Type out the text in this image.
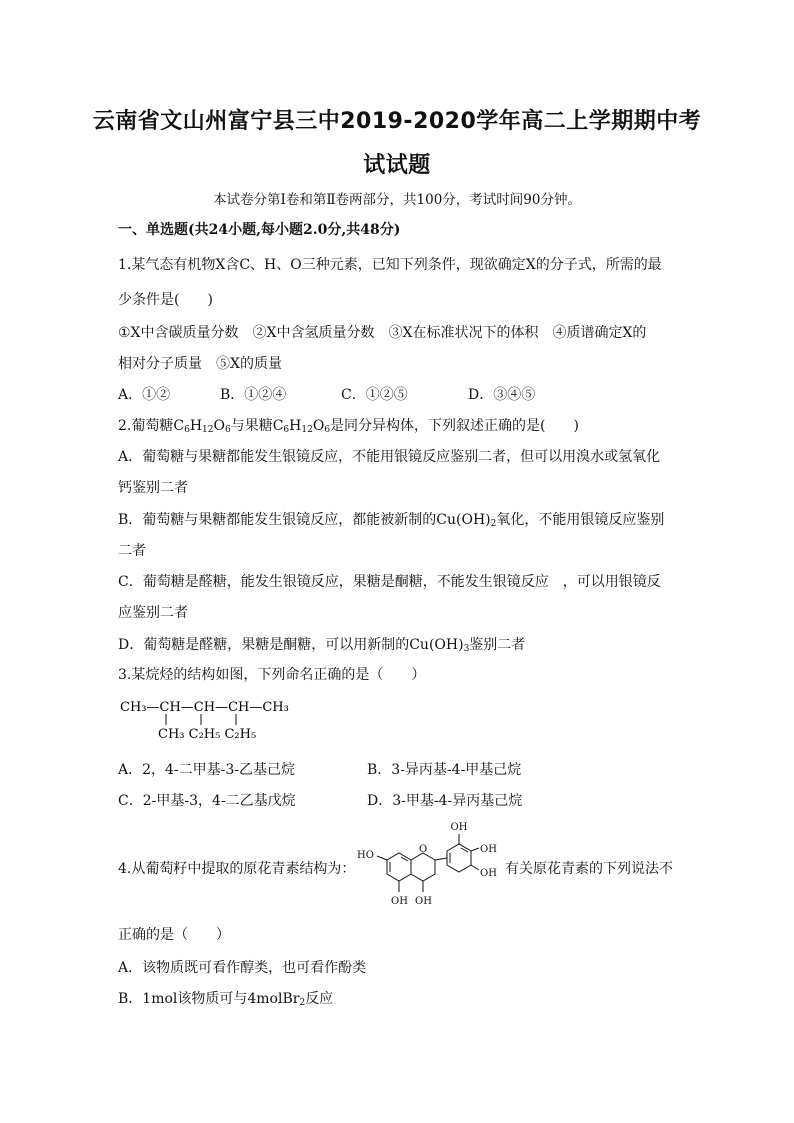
云南省文山州富宁县三中2019-2020学年高二上学期期中考
试试题
本试卷分第Ⅰ卷和第Ⅱ卷两部分，共100分，考试时间90分钟。
一、单选题(共24小题,每小题2.0分,共48分)
1.某气态有机物X含C、H、O三种元素，已知下列条件，现欲确定X的分子式，所需的最
少条件是(　　)
①X中含碳质量分数　②X中含氢质量分数　③X在标准状况下的体积　④质谱确定X的
相对分子质量　⑤X的质量
A．①②	B．①②④	C．①②⑤	D．③④⑤
2.葡萄糖$C_6H_{12}O_6$与果糖$C_6H_{12}O_6$是同分异构体，下列叙述正确的是(　　)
A．葡萄糖与果糖都能发生银镜反应，不能用银镜反应鉴别二者，但可以用溴水或氢氧化
钙鉴别二者
B．葡萄糖与果糖都能发生银镜反应，都能被新制的$Cu(OH)_2$氧化，不能用银镜反应鉴别
二者
C．葡萄糖是醛糖，能发生银镜反应，果糖是酮糖，不能发生银镜反应　，可以用银镜反
应鉴别二者
D．葡萄糖是醛糖，果糖是酮糖，可以用新制的$Cu(OH)_3$鉴别二者
3.某烷烃的结构如图，下列命名正确的是（　　）
CH₃—CH—CH—CH—CH₃
CH₃ C₂H₅ C₂H₅
A．2，4-二甲基-3-乙基己烷	B．3-异丙基-4-甲基己烷
C．2-甲基-3，4-二乙基戊烷	D．3-甲基-4-异丙基己烷
4.从葡萄籽中提取的原花青素结构为：
OH
OH
OH
HO
O
OH OH
有关原花青素的下列说法不
正确的是（　　）
A．该物质既可看作醇类，也可看作酚类
B．1mol该物质可与4molBr$_2$反应
